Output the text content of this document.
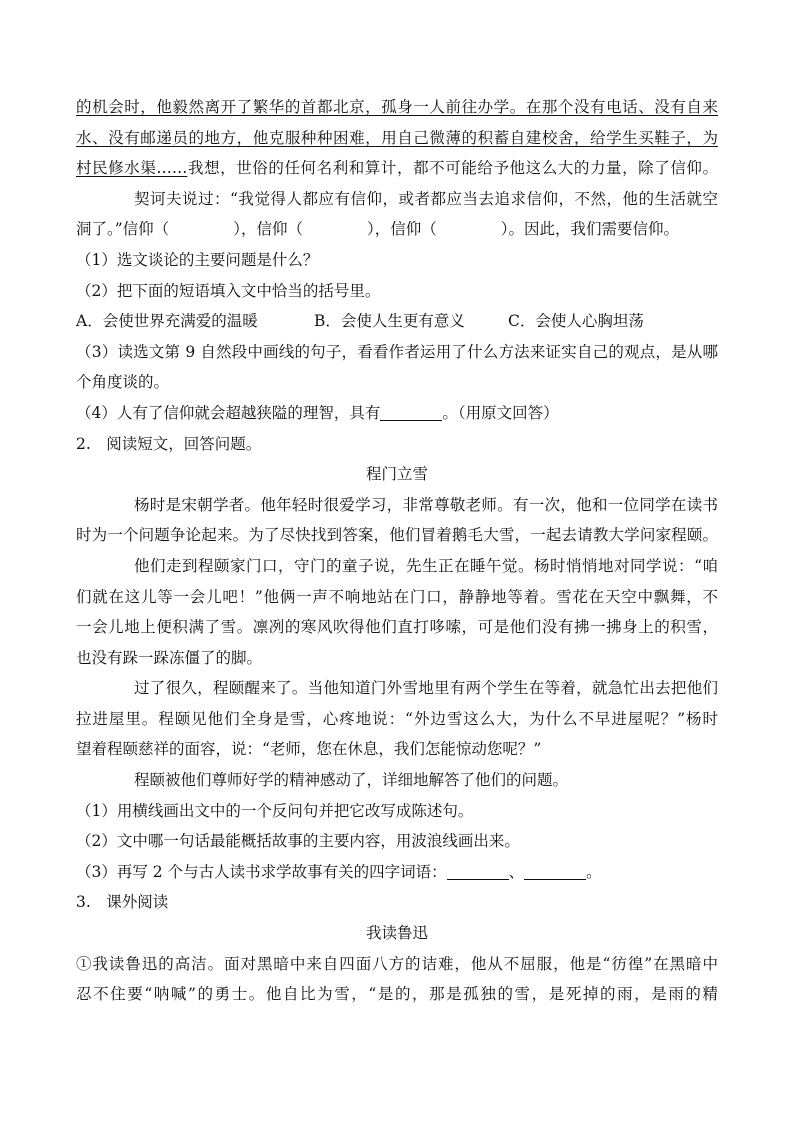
的机会时，他毅然离开了繁华的首都北京，孤身一人前往办学。在那个没有电话、没有自来
水、没有邮递员的地方，他克服种种困难，用自己微薄的积蓄自建校舍，给学生买鞋子，为
村民修水渠……我想，世俗的任何名利和算计，都不可能给予他这么大的力量，除了信仰。
契诃夫说过：“我觉得人都应有信仰，或者都应当去追求信仰，不然，他的生活就空
洞了。”信仰（	），信仰（	），信仰（	）。因此，我们需要信仰。
（1）选文谈论的主要问题是什么？
（2）把下面的短语填入文中恰当的括号里。
A．会使世界充满爱的温暖	B．会使人生更有意义	C．会使人心胸坦荡
（3）读选文第 9 自然段中画线的句子，看看作者运用了什么方法来证实自己的观点，是从哪
个角度谈的。
（4）人有了信仰就会超越狭隘的理智，具有	。（用原文回答）
2.　阅读短文，回答问题。
程门立雪
杨时是宋朝学者。他年轻时很爱学习，非常尊敬老师。有一次，他和一位同学在读书
时为一个问题争论起来。为了尽快找到答案，他们冒着鹅毛大雪，一起去请教大学问家程颐。
他们走到程颐家门口，守门的童子说，先生正在睡午觉。杨时悄悄地对同学说：“咱
们就在这儿等一会儿吧！”他俩一声不响地站在门口，静静地等着。雪花在天空中飘舞，不
一会儿地上便积满了雪。凛冽的寒风吹得他们直打哆嗦，可是他们没有拂一拂身上的积雪，
也没有跺一跺冻僵了的脚。
过了很久，程颐醒来了。当他知道门外雪地里有两个学生在等着，就急忙出去把他们
拉进屋里。程颐见他们全身是雪，心疼地说：“外边雪这么大，为什么不早进屋呢？”杨时
望着程颐慈祥的面容，说：“老师，您在休息，我们怎能惊动您呢？”
程颐被他们尊师好学的精神感动了，详细地解答了他们的问题。
（1）用横线画出文中的一个反问句并把它改写成陈述句。
（2）文中哪一句话最能概括故事的主要内容，用波浪线画出来。
（3）再写 2 个与古人读书求学故事有关的四字词语：	、	。
3.　课外阅读
我读鲁迅
①我读鲁迅的高洁。面对黑暗中来自四面八方的诘难，他从不屈服，他是“彷徨”在黑暗中
忍不住要“呐喊”的勇士。他自比为雪，“是的，那是孤独的雪，是死掉的雨，是雨的精
